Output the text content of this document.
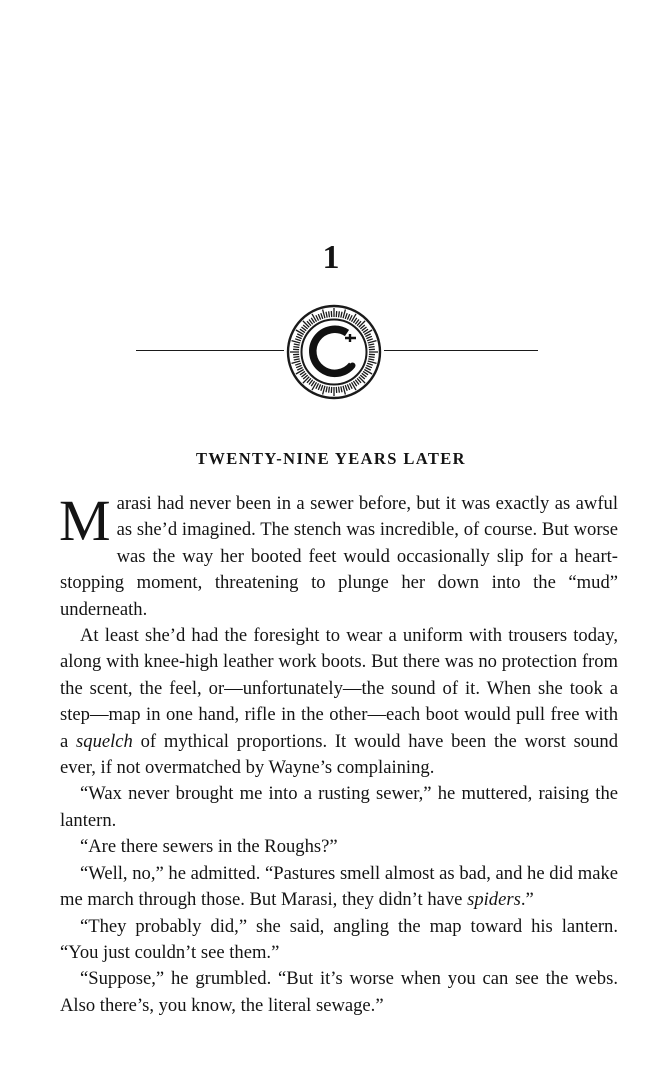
1
TWENTY-NINE YEARS LATER

Marasi had never been in a sewer before, but it was exactly as awful as she’d imagined. The stench was incredible, of course. But worse was the way her booted feet would occasionally slip for a heart-stopping moment, threatening to plunge her down into the “mud” underneath.

At least she’d had the foresight to wear a uniform with trousers today, along with knee-high leather work boots. But there was no protection from the scent, the feel, or—unfortunately—the sound of it. When she took a step—map in one hand, rifle in the other—each boot would pull free with a squelch of mythical proportions. It would have been the worst sound ever, if not overmatched by Wayne’s complaining.

“Wax never brought me into a rusting sewer,” he muttered, raising the lantern.

“Are there sewers in the Roughs?”

“Well, no,” he admitted. “Pastures smell almost as bad, and he did make me march through those. But Marasi, they didn’t have spiders.”

“They probably did,” she said, angling the map toward his lantern. “You just couldn’t see them.”

“Suppose,” he grumbled. “But it’s worse when you can see the webs. Also there’s, you know, the literal sewage.”
